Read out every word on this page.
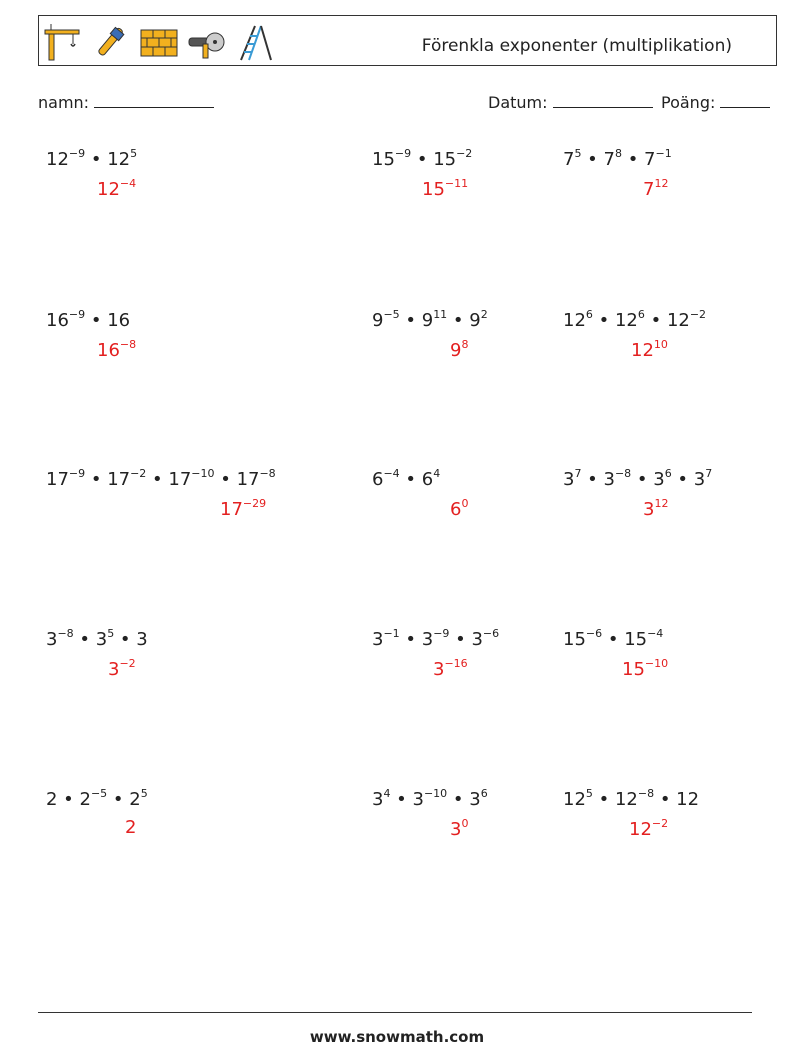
Förenkla exponenter (multiplikation)
namn:	Datum:	Poäng:
$12^{-9}$ • $12^5$
$12^{-4}$
$15^{-9}$ • $15^{-2}$
$15^{-11}$
$7^5$ • $7^8$ • $7^{-1}$
$7^{12}$
$16^{-9}$ • 16
$16^{-8}$
$9^{-5}$ • $9^{11}$ • $9^2$
$9^8$
$12^6$ • $12^6$ • $12^{-2}$
$12^{10}$
$17^{-9}$ • $17^{-2}$ • $17^{-10}$ • $17^{-8}$
$17^{-29}$
$6^{-4}$ • $6^4$
$6^0$
$3^7$ • $3^{-8}$ • $3^6$ • $3^7$
$3^{12}$
$3^{-8}$ • $3^5$ • 3
$3^{-2}$
$3^{-1}$ • $3^{-9}$ • $3^{-6}$
$3^{-16}$
$15^{-6}$ • $15^{-4}$
$15^{-10}$
2 • $2^{-5}$ • $2^5$
2
$3^4$ • $3^{-10}$ • $3^6$
$3^0$
$12^5$ • $12^{-8}$ • 12
$12^{-2}$
www.snowmath.com
